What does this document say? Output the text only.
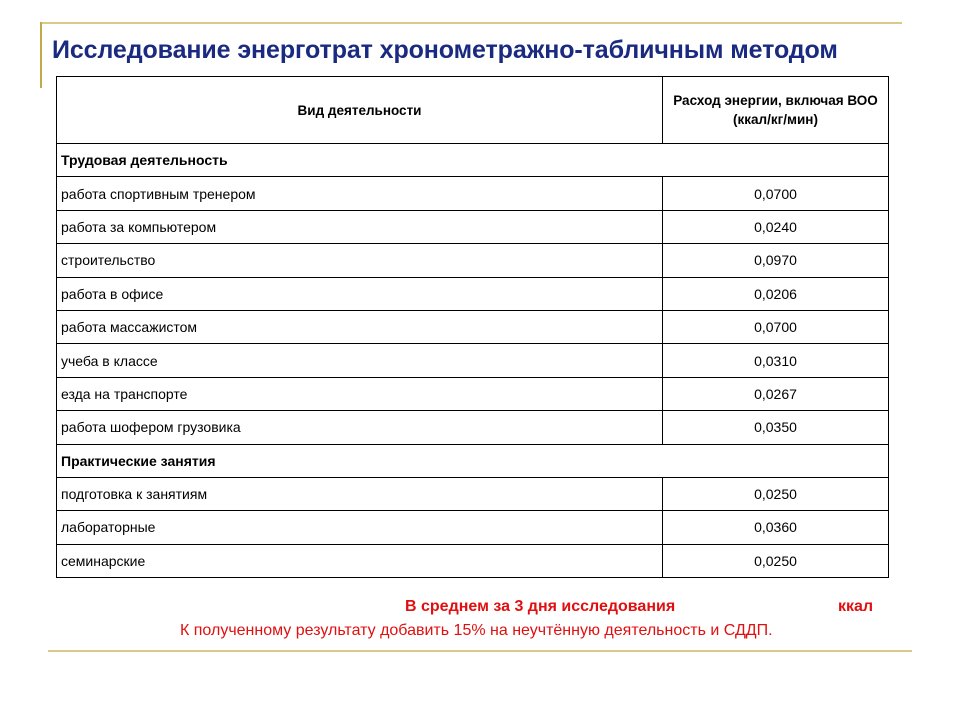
Исследование энерготрат хронометражно-табличным методом
Вид деятельности	Расход энергии, включая ВОО (ккал/кг/мин)
Трудовая деятельность	
работа спортивным тренером	0,0700
работа за компьютером	0,0240
строительство	0,0970
работа в офисе	0,0206
работа массажистом	0,0700
учеба в классе	0,0310
езда на транспорте	0,0267
работа шофером грузовика	0,0350
Практические занятия	
подготовка к занятиям	0,0250
лабораторные	0,0360
семинарские	0,0250
В среднем за 3 дня исследования	ккал
К полученному результату добавить 15% на неучтённую деятельность и СДДП.
